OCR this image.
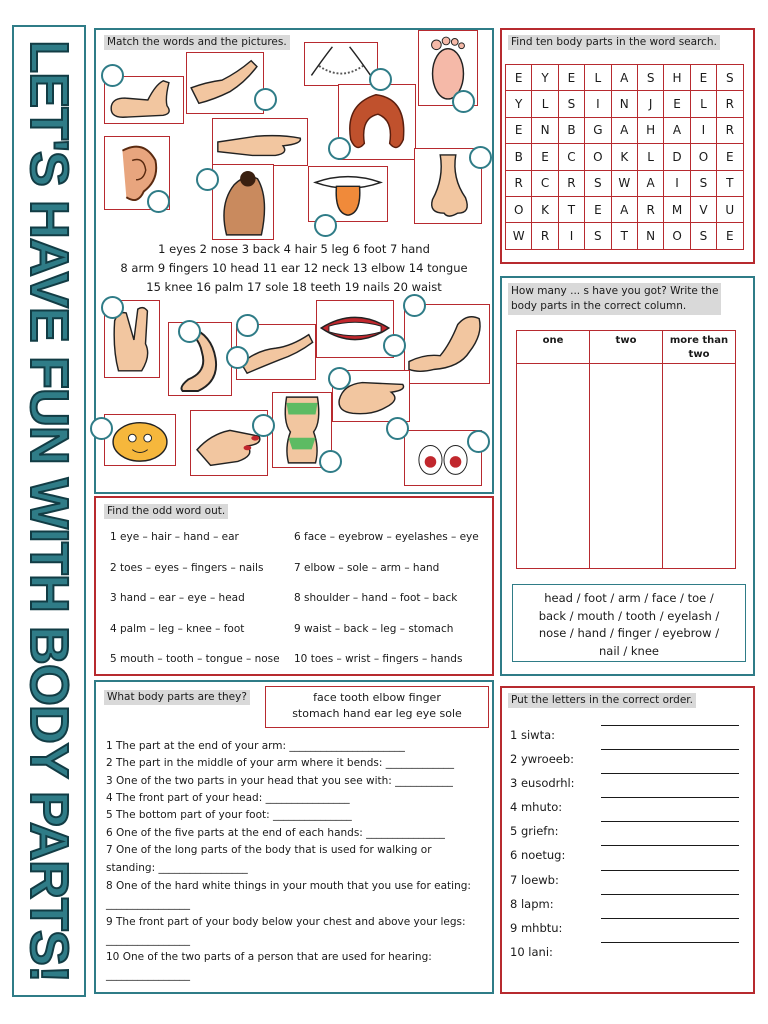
LET'S HAVE FUN WITH BODY PARTS!	Match the words and the pictures.
1 eyes 2 nose 3 back 4 hair 5 leg 6 foot 7 hand
8 arm 9 fingers 10 head 11 ear 12 neck 13 elbow 14 tongue
15 knee 16 palm 17 sole 18 teeth 19 nails 20 waist
Find ten body parts in the word search.
E	Y	E	L	A	S	H	E	S
Y	L	S	I	N	J	E	L	R
E	N	B	G	A	H	A	I	R
B	E	C	O	K	L	D	O	E
R	C	R	S	W	A	I	S	T
O	K	T	E	A	R	M	V	U
W	R	I	S	T	N	O	S	E
How many ... s have you got? Write the
body parts in the correct column.
one	two	more than
two

head / foot / arm / face / toe /
back / mouth / tooth / eyelash /
nose / hand / finger / eyebrow /
nail / knee
Find the odd word out.
1 eye – hair – hand – ear
2 toes – eyes – fingers – nails
3 hand – ear – eye – head
4 palm – leg – knee – foot
5 mouth – tooth – tongue – nose
6 face – eyebrow – eyelashes – eye
7 elbow – sole – arm – hand
8 shoulder – hand – foot – back
9 waist – back – leg – stomach
10 toes – wrist – fingers – hands
What body parts are they?	face tooth elbow finger
stomach hand ear leg eye sole
1 The part at the end of your arm: ______________________
2 The part in the middle of your arm where it bends: _____________
3 One of the two parts in your head that you see with: ___________
4 The front part of your head: ________________
5 The bottom part of your foot: _______________
6 One of the five parts at the end of each hands: _______________
7 One of the long parts of the body that is used for walking or
standing: _________________
8 One of the hard white things in your mouth that you use for eating:
________________
9 The front part of your body below your chest and above your legs:
________________
10 One of the two parts of a person that are used for hearing:
________________
Put the letters in the correct order.
1 siwta:
2 ywroeeb:
3 eusodrhl:
4 mhuto:
5 griefn:
6 noetug:
7 loewb:
8 lapm:
9 mhbtu:
10 lani:
